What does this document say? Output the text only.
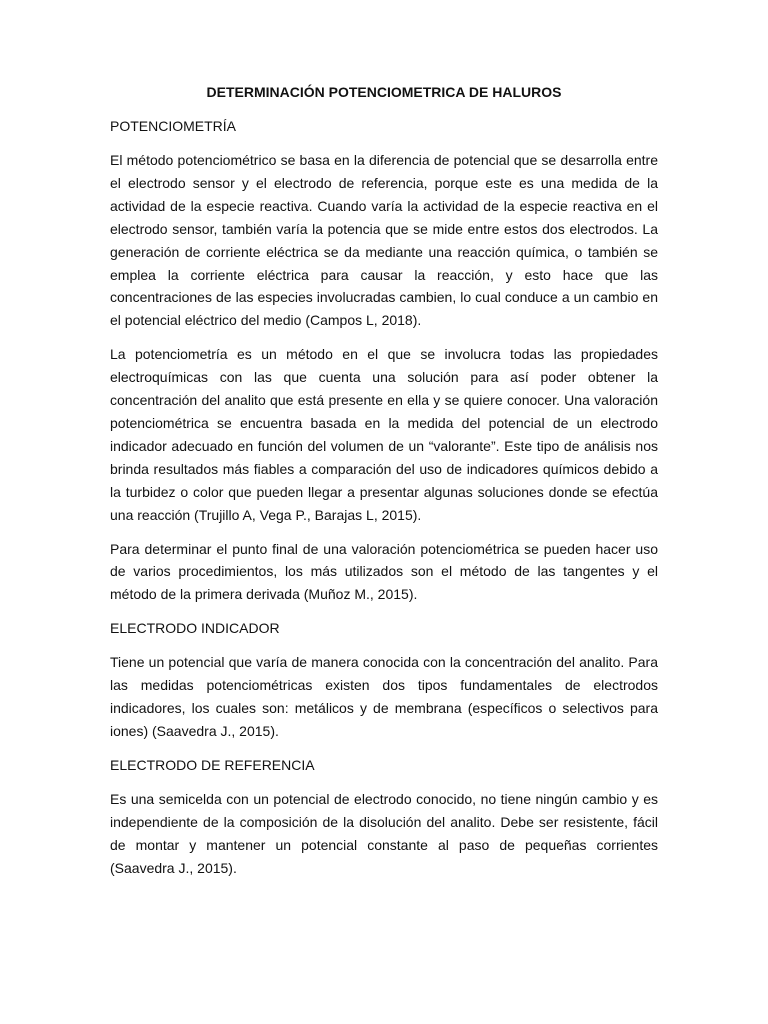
DETERMINACIÓN POTENCIOMETRICA DE HALUROS
POTENCIOMETRÍA

El método potenciométrico se basa en la diferencia de potencial que se desarrolla entre el electrodo sensor y el electrodo de referencia, porque este es una medida de la actividad de la especie reactiva. Cuando varía la actividad de la especie reactiva en el electrodo sensor, también varía la potencia que se mide entre estos dos electrodos. La generación de corriente eléctrica se da mediante una reacción química, o también se emplea la corriente eléctrica para causar la reacción, y esto hace que las concentraciones de las especies involucradas cambien, lo cual conduce a un cambio en el potencial eléctrico del medio (Campos L, 2018).

La potenciometría es un método en el que se involucra todas las propiedades electroquímicas con las que cuenta una solución para así poder obtener la concentración del analito que está presente en ella y se quiere conocer. Una valoración potenciométrica se encuentra basada en la medida del potencial de un electrodo indicador adecuado en función del volumen de un “valorante”. Este tipo de análisis nos brinda resultados más fiables a comparación del uso de indicadores químicos debido a la turbidez o color que pueden llegar a presentar algunas soluciones donde se efectúa una reacción (Trujillo A, Vega P., Barajas L, 2015).

Para determinar el punto final de una valoración potenciométrica se pueden hacer uso de varios procedimientos, los más utilizados son el método de las tangentes y el método de la primera derivada (Muñoz M., 2015).

ELECTRODO INDICADOR

Tiene un potencial que varía de manera conocida con la concentración del analito. Para las medidas potenciométricas existen dos tipos fundamentales de electrodos indicadores, los cuales son: metálicos y de membrana (específicos o selectivos para iones) (Saavedra J., 2015).

ELECTRODO DE REFERENCIA

Es una semicelda con un potencial de electrodo conocido, no tiene ningún cambio y es independiente de la composición de la disolución del analito. Debe ser resistente, fácil de montar y mantener un potencial constante al paso de pequeñas corrientes (Saavedra J., 2015).
